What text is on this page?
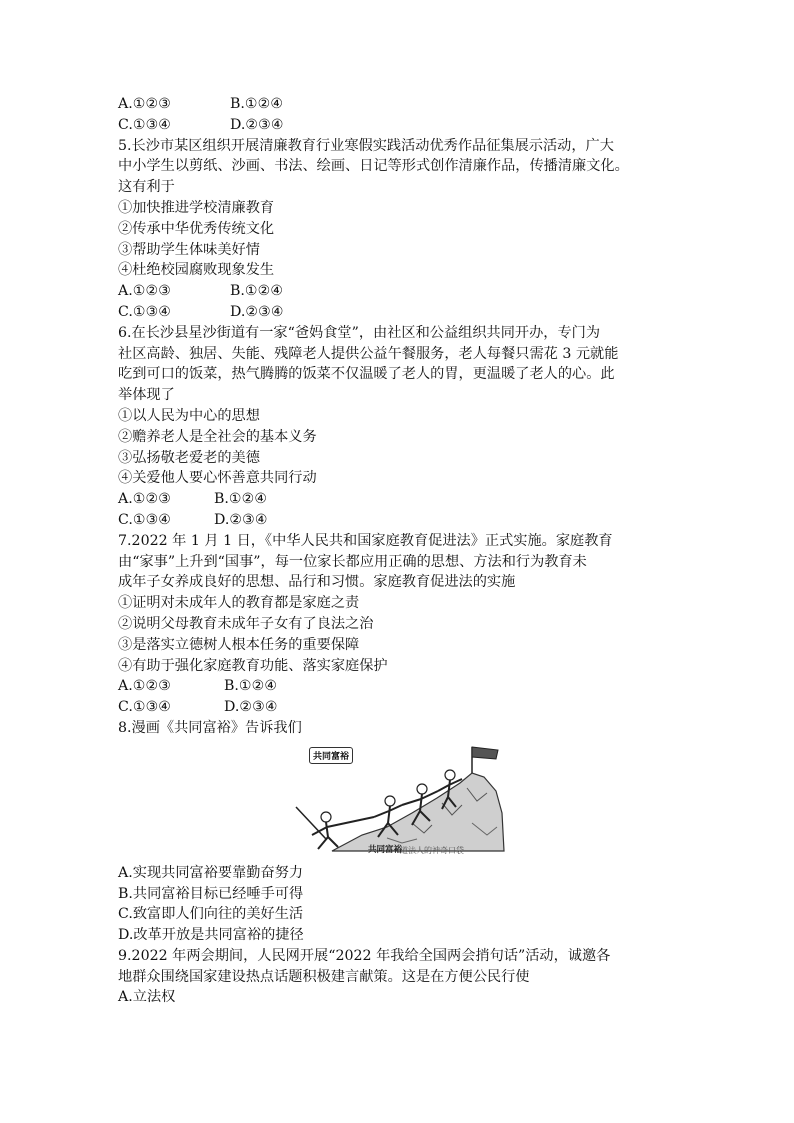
A.①②③	B.①②④
C.①③④	D.②③④
5.长沙市某区组织开展清廉教育行业寒假实践活动优秀作品征集展示活动，广大
中小学生以剪纸、沙画、书法、绘画、日记等形式创作清廉作品，传播清廉文化。
这有利于
①加快推进学校清廉教育
②传承中华优秀传统文化
③帮助学生体味美好情
④杜绝校园腐败现象发生
A.①②③	B.①②④
C.①③④	D.②③④
6.在长沙县星沙街道有一家“爸妈食堂”，由社区和公益组织共同开办，专门为
社区高龄、独居、失能、残障老人提供公益午餐服务，老人每餐只需花 3 元就能
吃到可口的饭菜，热气腾腾的饭菜不仅温暖了老人的胃，更温暖了老人的心。此
举体现了
①以人民为中心的思想
②赡养老人是全社会的基本义务
③弘扬敬老爱老的美德
④关爱他人要心怀善意共同行动
A.①②③	B.①②④
C.①③④	D.②③④
7.2022 年 1 月 1 日，《中华人民共和国家庭教育促进法》正式实施。家庭教育
由“家事”上升到“国事”，每一位家长都应用正确的思想、方法和行为教育未
成年子女养成良好的思想、品行和习惯。家庭教育促进法的实施
①证明对未成年人的教育都是家庭之责
②说明父母教育未成年子女有了良法之治
③是落实立德树人根本任务的重要保障
④有助于强化家庭教育功能、落实家庭保护
A.①②③	B.①②④
C.①③④	D.②③④
8.漫画《共同富裕》告诉我们
共同富裕
共同富裕
道法人的神奇口袋
A.实现共同富裕要靠勤奋努力
B.共同富裕目标已经唾手可得
C.致富即人们向往的美好生活
D.改革开放是共同富裕的捷径
9.2022 年两会期间，人民网开展“2022 年我给全国两会捎句话”活动，诚邀各
地群众围绕国家建设热点话题积极建言献策。这是在方便公民行使
A.立法权
